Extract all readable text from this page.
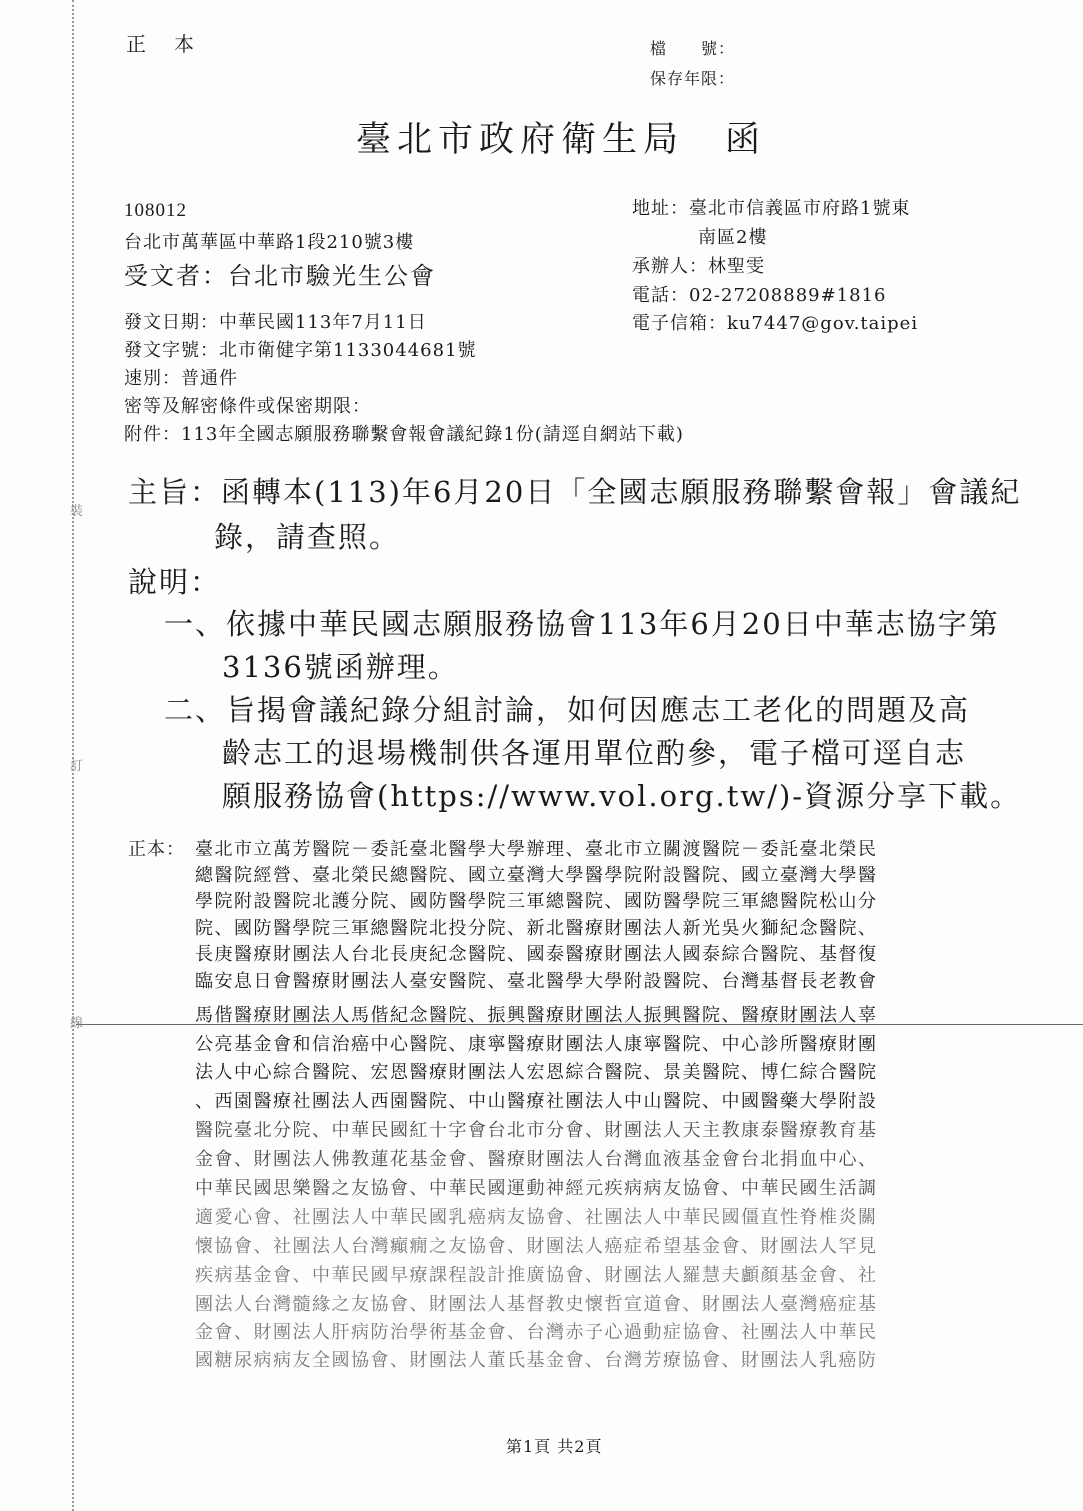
裝
訂
線
正　本	檔　　號：
保存年限：
臺北市政府衛生局　函
108012
台北市萬華區中華路1段210號3樓
受文者：台北市驗光生公會
地址：臺北市信義區市府路1號東
南區2樓
承辦人：林聖雯
電話：02-27208889#1816
電子信箱：ku7447@gov.taipei
發文日期：中華民國113年7月11日
發文字號：北市衛健字第1133044681號
速別：普通件
密等及解密條件或保密期限：
附件：113年全國志願服務聯繫會報會議紀錄1份(請逕自網站下載)
主旨：函轉本(113)年6月20日「全國志願服務聯繫會報」會議紀
錄，請查照。
說明：
一、依據中華民國志願服務協會113年6月20日中華志協字第
3136號函辦理。
二、旨揭會議紀錄分組討論，如何因應志工老化的問題及高
齡志工的退場機制供各運用單位酌參，電子檔可逕自志
願服務協會(https://www.vol.org.tw/)-資源分享下載。
正本： 臺北市立萬芳醫院－委託臺北醫學大學辦理、臺北市立關渡醫院－委託臺北榮民
總醫院經營、臺北榮民總醫院、國立臺灣大學醫學院附設醫院、國立臺灣大學醫
學院附設醫院北護分院、國防醫學院三軍總醫院、國防醫學院三軍總醫院松山分
院、國防醫學院三軍總醫院北投分院、新北醫療財團法人新光吳火獅紀念醫院、
長庚醫療財團法人台北長庚紀念醫院、國泰醫療財團法人國泰綜合醫院、基督復
臨安息日會醫療財團法人臺安醫院、臺北醫學大學附設醫院、台灣基督長老教會
馬偕醫療財團法人馬偕紀念醫院、振興醫療財團法人振興醫院、醫療財團法人辜
公亮基金會和信治癌中心醫院、康寧醫療財團法人康寧醫院、中心診所醫療財團
法人中心綜合醫院、宏恩醫療財團法人宏恩綜合醫院、景美醫院、博仁綜合醫院
、西園醫療社團法人西園醫院、中山醫療社團法人中山醫院、中國醫藥大學附設
醫院臺北分院、中華民國紅十字會台北市分會、財團法人天主教康泰醫療教育基
金會、財團法人佛教蓮花基金會、醫療財團法人台灣血液基金會台北捐血中心、
中華民國思樂醫之友協會、中華民國運動神經元疾病病友協會、中華民國生活調
適愛心會、社團法人中華民國乳癌病友協會、社團法人中華民國僵直性脊椎炎關
懷協會、社團法人台灣癲癇之友協會、財團法人癌症希望基金會、財團法人罕見
疾病基金會、中華民國早療課程設計推廣協會、財團法人羅慧夫顱顏基金會、社
團法人台灣髓緣之友協會、財團法人基督教史懷哲宣道會、財團法人臺灣癌症基
金會、財團法人肝病防治學術基金會、台灣赤子心過動症協會、社團法人中華民
國糖尿病病友全國協會、財團法人董氏基金會、台灣芳療協會、財團法人乳癌防
第1頁 共2頁
